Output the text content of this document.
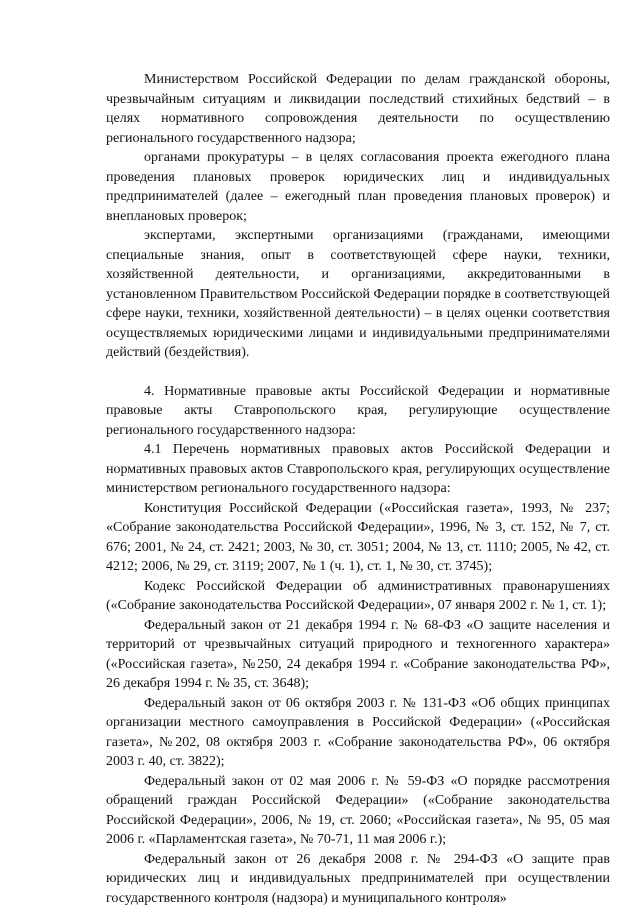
Министерством Российской Федерации по делам гражданской обороны, чрезвычайным ситуациям и ликвидации последствий стихийных бедствий – в целях нормативного сопровождения деятельности по осуществлению регионального государственного надзора;

органами прокуратуры – в целях согласования проекта ежегодного плана проведения плановых проверок юридических лиц и индивидуальных предпринимателей (далее – ежегодный план проведения плановых проверок) и внеплановых проверок;

экспертами, экспертными организациями (гражданами, имеющими специальные знания, опыт в соответствующей сфере науки, техники, хозяйственной деятельности, и организациями, аккредитованными в установленном Правительством Российской Федерации порядке в соответствующей сфере науки, техники, хозяйственной деятельности) – в целях оценки соответствия осуществляемых юридическими лицами и индивидуальными предпринимателями действий (бездействия).

4. Нормативные правовые акты Российской Федерации и нормативные правовые акты Ставропольского края, регулирующие осуществление регионального государственного надзора:

4.1 Перечень нормативных правовых актов Российской Федерации и нормативных правовых актов Ставропольского края, регулирующих осуществление министерством регионального государственного надзора:

Конституция Российской Федерации («Российская газета», 1993, № 237; «Собрание законодательства Российской Федерации», 1996, № 3, ст. 152, № 7, ст. 676; 2001, № 24, ст. 2421; 2003, № 30, ст. 3051; 2004, № 13, ст. 1110; 2005, № 42, ст. 4212; 2006, № 29, ст. 3119; 2007, № 1 (ч. 1), ст. 1, № 30, ст. 3745);

Кодекс Российской Федерации об административных правонарушениях («Собрание законодательства Российской Федерации», 07 января 2002 г. № 1, ст. 1);

Федеральный закон от 21 декабря 1994 г. № 68-ФЗ «О защите населения и территорий от чрезвычайных ситуаций природного и техногенного характера» («Российская газета», №250, 24 декабря 1994 г. «Собрание законодательства РФ», 26 декабря 1994 г. № 35, ст. 3648);

Федеральный закон от 06 октября 2003 г. № 131-ФЗ «Об общих принципах организации местного самоуправления в Российской Федерации» («Российская газета», №202, 08 октября 2003 г. «Собрание законодательства РФ», 06 октября 2003 г. 40, ст. 3822);

Федеральный закон от 02 мая 2006 г. № 59-ФЗ «О порядке рассмотрения обращений граждан Российской Федерации» («Собрание законодательства Российской Федерации», 2006, № 19, ст. 2060; «Российская газета», № 95, 05 мая 2006 г. «Парламентская газета», № 70-71, 11 мая 2006 г.);

Федеральный закон от 26 декабря 2008 г. № 294-ФЗ «О защите прав юридических лиц и индивидуальных предпринимателей при осуществлении государственного контроля (надзора) и муниципального контроля»
